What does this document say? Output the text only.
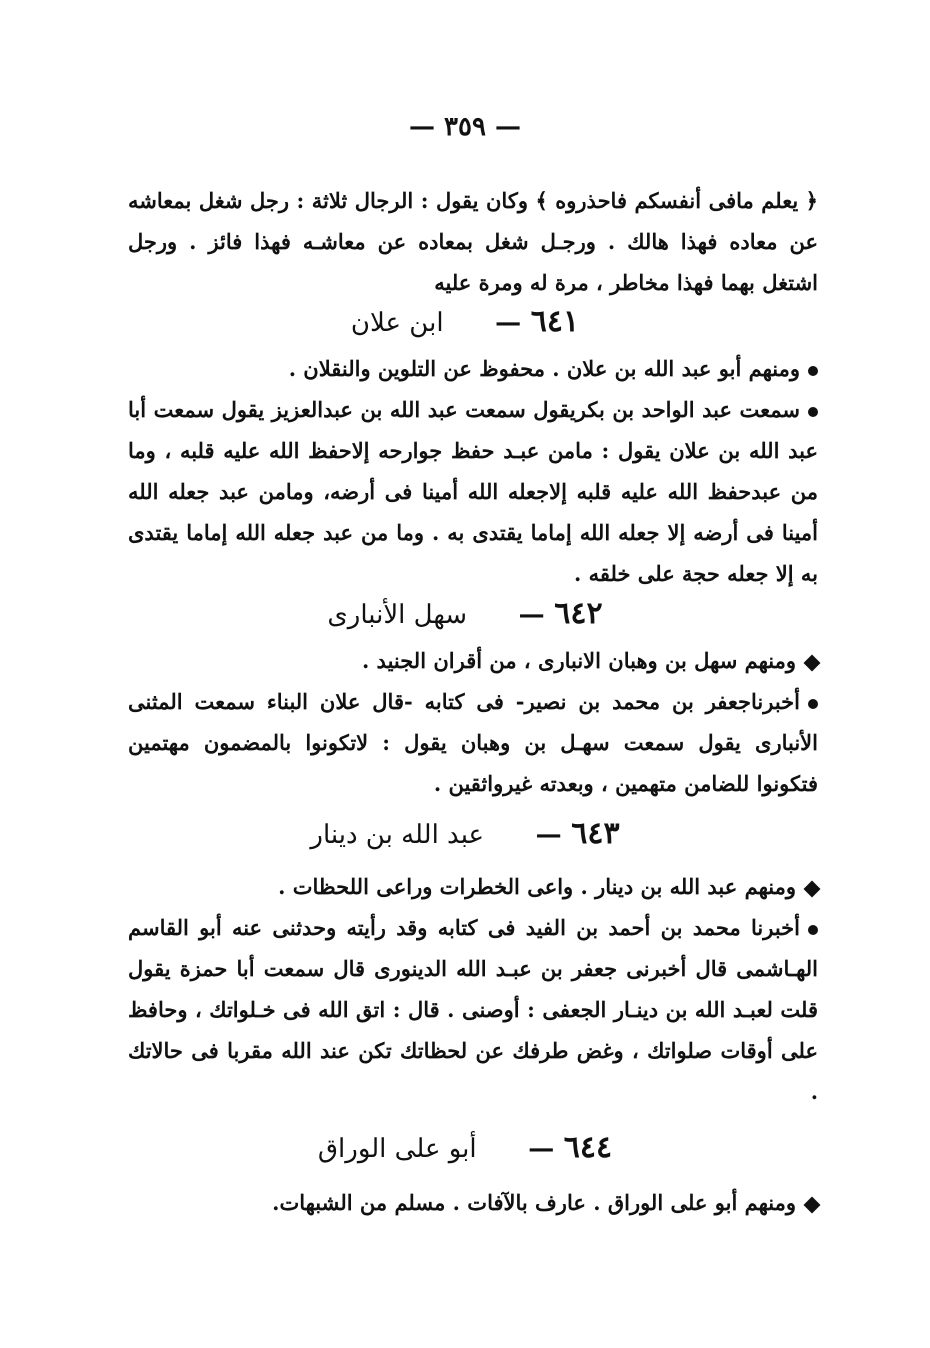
— ٣٥٩ —

﴿ يعلم مافى أنفسكم فاحذروه ﴾ وكان يقول : الرجال ثلاثة : رجل شغل بمعاشه عن معاده فهذا هالك . ورجـل شغل بمعاده عن معاشـه فهذا فائز . ورجل اشتغل بهما فهذا مخاطر ، مرة له ومرة عليه

٦٤١ — ابن علان

ومنهم أبو عبد الله بن علان . محفوظ عن التلوين والنقلان .

سمعت عبد الواحد بن بكريقول سمعت عبد الله بن عبدالعزيز يقول سمعت أبا عبد الله بن علان يقول : مامن عبـد حفظ جوارحه إلاحفظ الله عليه قلبه ، وما من عبدحفظ الله عليه قلبه إلاجعله الله أمينا فى أرضه، ومامن عبد جعله الله أمينا فى أرضه إلا جعله الله إماما يقتدى به . وما من عبد جعله الله إماما يقتدى به إلا جعله حجة على خلقه .

٦٤٢ — سهل الأنبارى

ومنهم سهل بن وهبان الانبارى ، من أقران الجنيد .

أخبرناجعفر بن محمد بن نصير- فى كتابه -قال علان البناء سمعت المثنى الأنبارى يقول سمعت سهـل بن وهبان يقول : لاتكونوا بالمضمون مهتمين فتكونوا للضامن متهمين ، وبعدته غيرواثقين .

٦٤٣ — عبد الله بن دينار

ومنهم عبد الله بن دينار . واعى الخطرات وراعى اللحظات .

أخبرنا محمد بن أحمد بن الفيد فى كتابه وقد رأيته وحدثنى عنه أبو القاسم الهـاشمى قال أخبرنى جعفر بن عبـد الله الدينورى قال سمعت أبا حمزة يقول قلت لعبـد الله بن دينـار الجعفى : أوصنى . قال : اتق الله فى خـلواتك ، وحافظ على أوقات صلواتك ، وغض طرفك عن لحظاتك تكن عند الله مقربا فى حالاتك .

٦٤٤ — أبو على الوراق

ومنهم أبو على الوراق . عارف بالآفات . مسلم من الشبهات.
